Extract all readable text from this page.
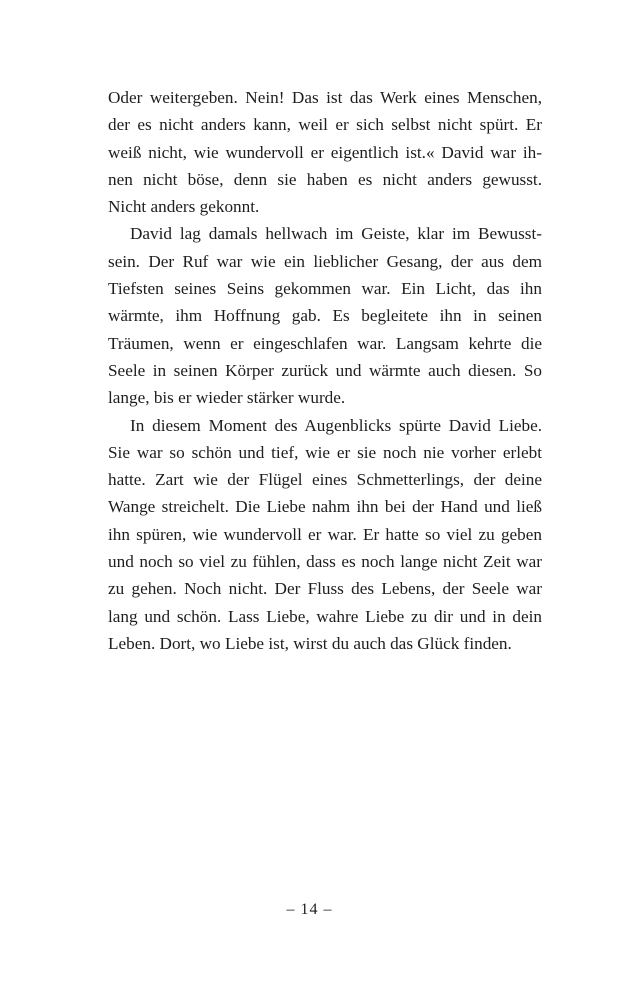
Oder weitergeben. Nein! Das ist das Werk eines Menschen,
der es nicht anders kann, weil er sich selbst nicht spürt. Er
weiß nicht, wie wundervoll er eigentlich ist.« David war ih-
nen nicht böse, denn sie haben es nicht anders gewusst.
Nicht anders gekonnt.
David lag damals hellwach im Geiste, klar im Bewusst-
sein. Der Ruf war wie ein lieblicher Gesang, der aus dem
Tiefsten seines Seins gekommen war. Ein Licht, das ihn
wärmte, ihm Hoffnung gab. Es begleitete ihn in seinen
Träumen, wenn er eingeschlafen war. Langsam kehrte die
Seele in seinen Körper zurück und wärmte auch diesen. So
lange, bis er wieder stärker wurde.
In diesem Moment des Augenblicks spürte David Liebe.
Sie war so schön und tief, wie er sie noch nie vorher erlebt
hatte. Zart wie der Flügel eines Schmetterlings, der deine
Wange streichelt. Die Liebe nahm ihn bei der Hand und ließ
ihn spüren, wie wundervoll er war. Er hatte so viel zu geben
und noch so viel zu fühlen, dass es noch lange nicht Zeit war
zu gehen. Noch nicht. Der Fluss des Lebens, der Seele war
lang und schön. Lass Liebe, wahre Liebe zu dir und in dein
Leben. Dort, wo Liebe ist, wirst du auch das Glück finden.
– 14 –
